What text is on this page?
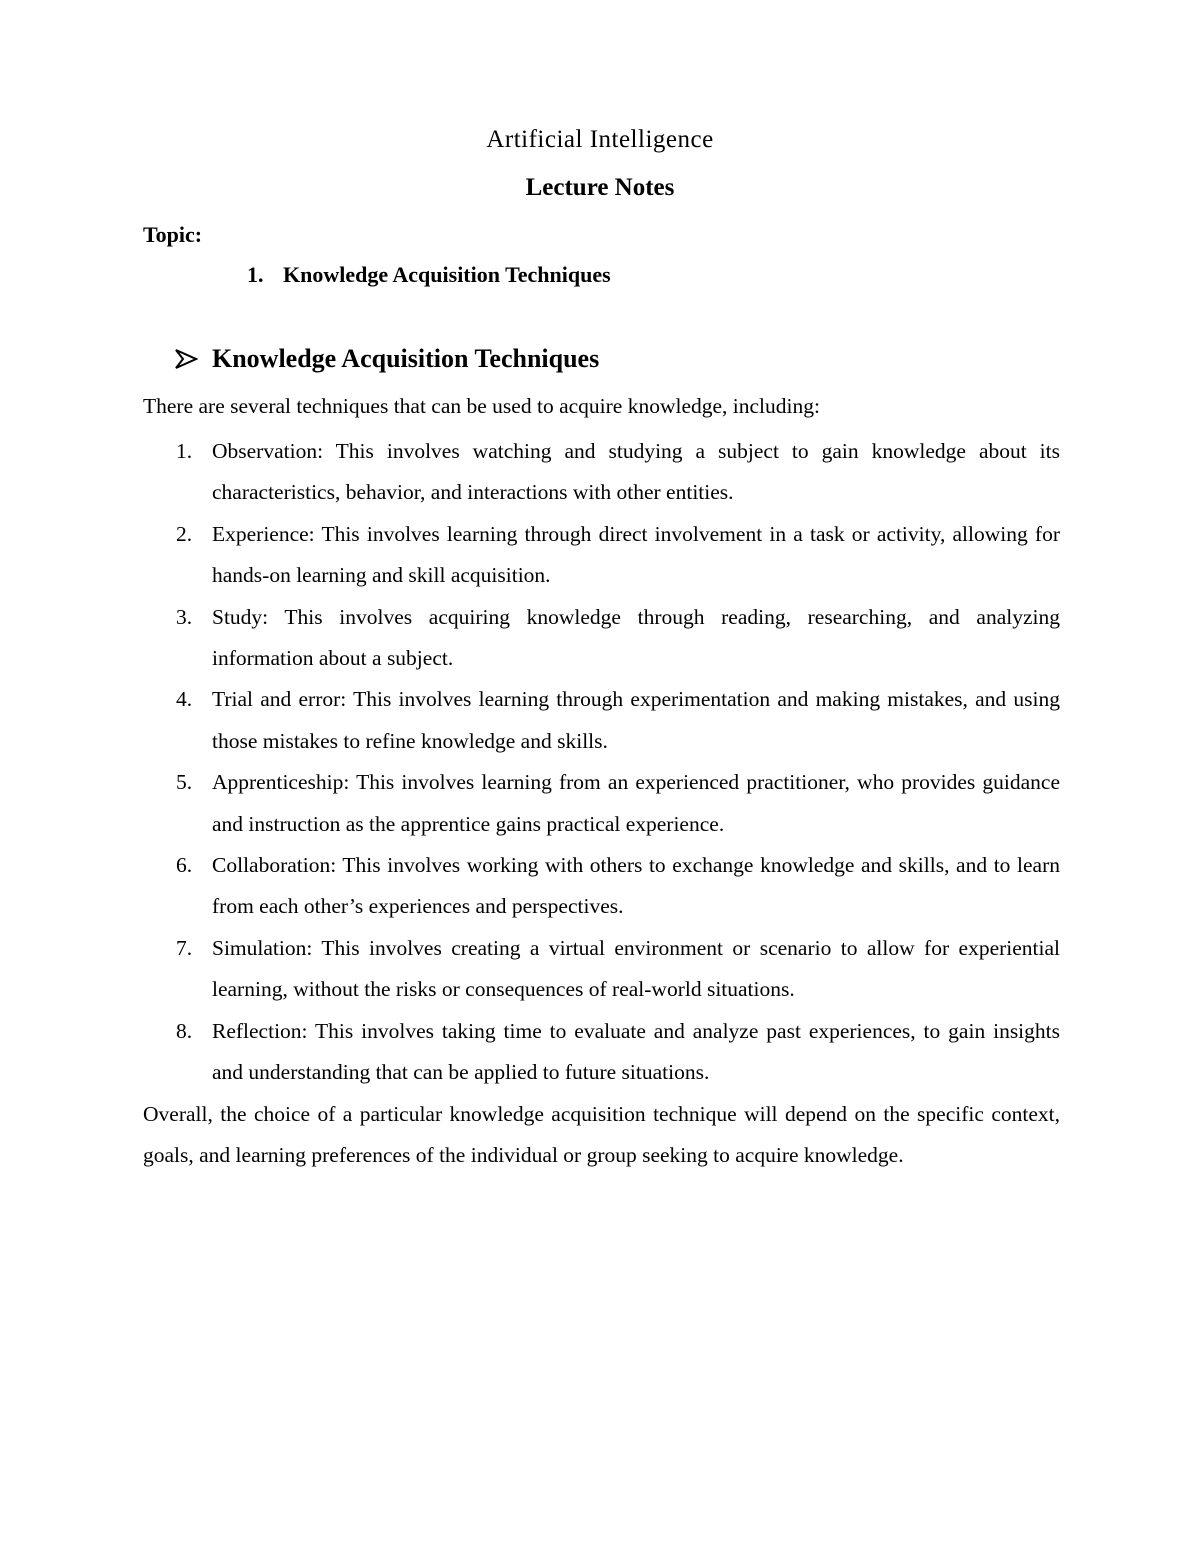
Artificial Intelligence
Lecture Notes

Topic:

1. Knowledge Acquisition Techniques

Knowledge Acquisition Techniques

There are several techniques that can be used to acquire knowledge, including:

1. Observation: This involves watching and studying a subject to gain knowledge about its characteristics, behavior, and interactions with other entities.
2. Experience: This involves learning through direct involvement in a task or activity, allowing for hands-on learning and skill acquisition.
3. Study: This involves acquiring knowledge through reading, researching, and analyzing information about a subject.
4. Trial and error: This involves learning through experimentation and making mistakes, and using those mistakes to refine knowledge and skills.
5. Apprenticeship: This involves learning from an experienced practitioner, who provides guidance and instruction as the apprentice gains practical experience.
6. Collaboration: This involves working with others to exchange knowledge and skills, and to learn from each other’s experiences and perspectives.
7. Simulation: This involves creating a virtual environment or scenario to allow for experiential learning, without the risks or consequences of real-world situations.
8. Reflection: This involves taking time to evaluate and analyze past experiences, to gain insights and understanding that can be applied to future situations.

Overall, the choice of a particular knowledge acquisition technique will depend on the specific context, goals, and learning preferences of the individual or group seeking to acquire knowledge.
